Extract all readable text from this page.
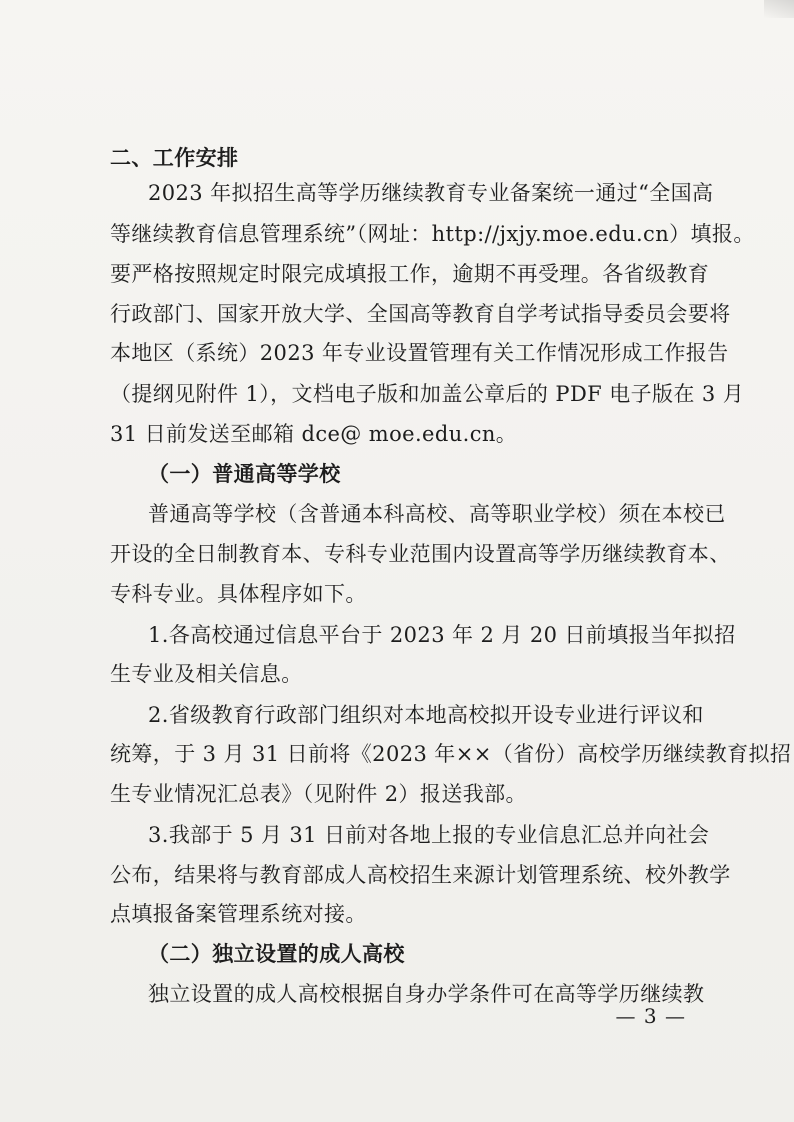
二、工作安排
2023 年拟招生高等学历继续教育专业备案统一通过“全国高
等继续教育信息管理系统”（网址：http://jxjy.moe.edu.cn）填报。
要严格按照规定时限完成填报工作，逾期不再受理。各省级教育
行政部门、国家开放大学、全国高等教育自学考试指导委员会要将
本地区（系统）2023 年专业设置管理有关工作情况形成工作报告
（提纲见附件 1），文档电子版和加盖公章后的 PDF 电子版在 3 月
31 日前发送至邮箱 dce@ moe.edu.cn。
（一）普通高等学校
普通高等学校（含普通本科高校、高等职业学校）须在本校已
开设的全日制教育本、专科专业范围内设置高等学历继续教育本、
专科专业。具体程序如下。
1.各高校通过信息平台于 2023 年 2 月 20 日前填报当年拟招
生专业及相关信息。
2.省级教育行政部门组织对本地高校拟开设专业进行评议和
统筹，于 3 月 31 日前将《2023 年××（省份）高校学历继续教育拟招
生专业情况汇总表》（见附件 2）报送我部。
3.我部于 5 月 31 日前对各地上报的专业信息汇总并向社会
公布，结果将与教育部成人高校招生来源计划管理系统、校外教学
点填报备案管理系统对接。
（二）独立设置的成人高校
独立设置的成人高校根据自身办学条件可在高等学历继续教
— 3 —
